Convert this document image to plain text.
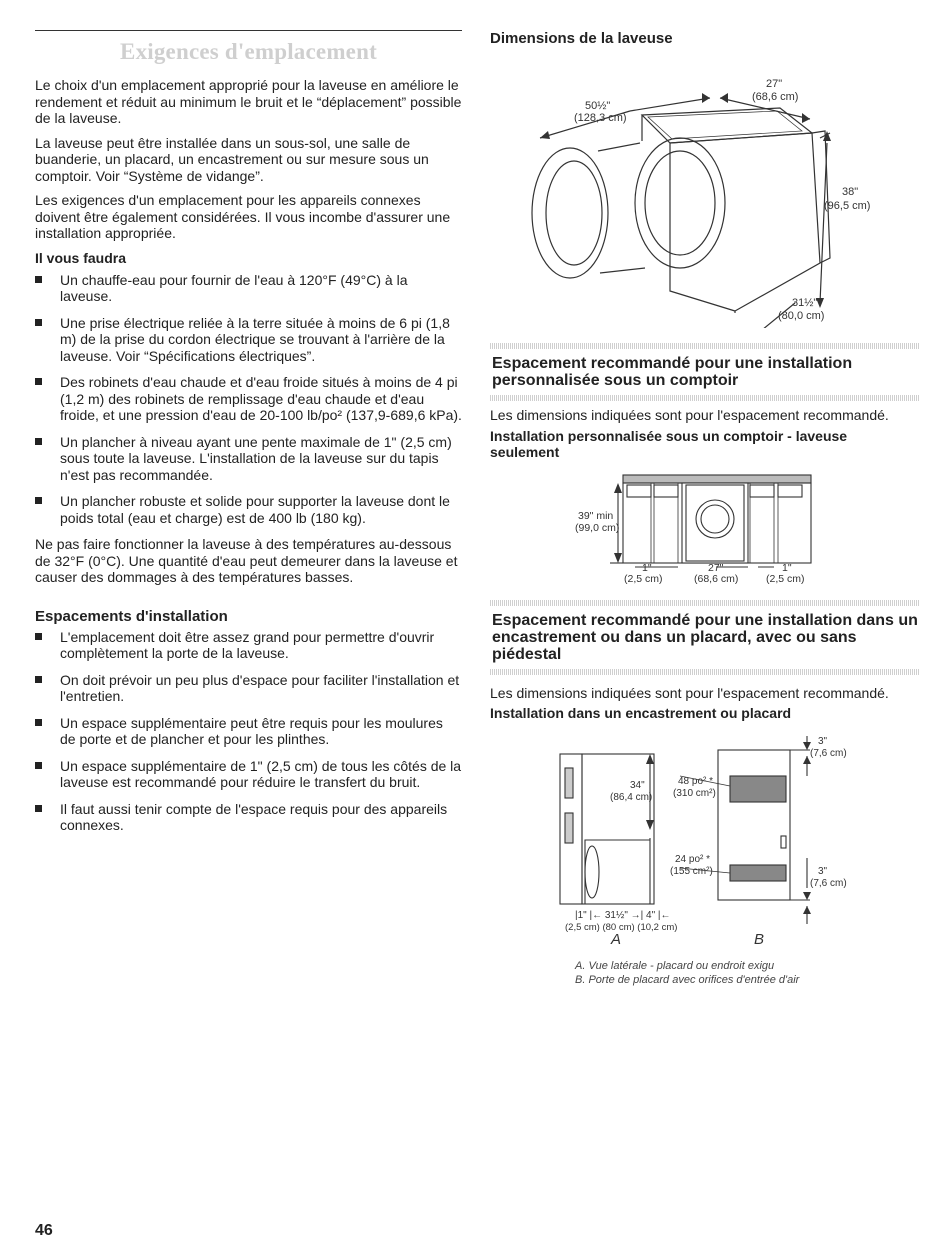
Exigences d'emplacement

Le choix d'un emplacement approprié pour la laveuse en améliore le rendement et réduit au minimum le bruit et le “déplacement” possible de la laveuse.

La laveuse peut être installée dans un sous-sol, une salle de buanderie, un placard, un encastrement ou sur mesure sous un comptoir. Voir “Système de vidange”.

Les exigences d'un emplacement pour les appareils connexes doivent être également considérées. Il vous incombe d'assurer une installation appropriée.

Il vous faudra
Un chauffe-eau pour fournir de l'eau à 120°F (49°C) à la laveuse.
Une prise électrique reliée à la terre située à moins de 6 pi (1,8 m) de la prise du cordon électrique se trouvant à l'arrière de la laveuse. Voir “Spécifications électriques”.
Des robinets d'eau chaude et d'eau froide situés à moins de 4 pi (1,2 m) des robinets de remplissage d'eau chaude et d'eau froide, et une pression d'eau de 20-100 lb/po² (137,9-689,6 kPa).
Un plancher à niveau ayant une pente maximale de 1" (2,5 cm) sous toute la laveuse. L'installation de la laveuse sur du tapis n'est pas recommandée.
Un plancher robuste et solide pour supporter la laveuse dont le poids total (eau et charge) est de 400 lb (180 kg).

Ne pas faire fonctionner la laveuse à des températures au-dessous de 32°F (0°C). Une quantité d'eau peut demeurer dans la laveuse et causer des dommages à des températures basses.

Espacements d'installation
L'emplacement doit être assez grand pour permettre d'ouvrir complètement la porte de la laveuse.
On doit prévoir un peu plus d'espace pour faciliter l'installation et l'entretien.
Un espace supplémentaire peut être requis pour les moulures de porte et de plancher et pour les plinthes.
Un espace supplémentaire de 1" (2,5 cm) de tous les côtés de la laveuse est recommandé pour réduire le transfert du bruit.
Il faut aussi tenir compte de l'espace requis pour des appareils connexes.
Dimensions de la laveuse
50½"
(128,3 cm)
27"
(68,6 cm)
38"
(96,5 cm)
31½"
(80,0 cm)
Espacement recommandé pour une installation personnalisée sous un comptoir
Les dimensions indiquées sont pour l'espacement recommandé.
Installation personnalisée sous un comptoir - laveuse seulement
39" min
(99,0 cm)
1"
(2,5 cm)
27"
(68,6 cm)
1"
(2,5 cm)
Espacement recommandé pour une installation dans un encastrement ou dans un placard, avec ou sans piédestal
Les dimensions indiquées sont pour l'espacement recommandé.
Installation dans un encastrement ou placard
34"
(86,4 cm)
48 po² *
(310 cm²)
24 po² *
(155 cm²)
|1" |← 31½" →| 4" |←
(2,5 cm) (80 cm) (10,2 cm)
3"
(7,6 cm)
3"
(7,6 cm)
A	B
A. Vue latérale - placard ou endroit exigu
B. Porte de placard avec orifices d'entrée d'air
46
